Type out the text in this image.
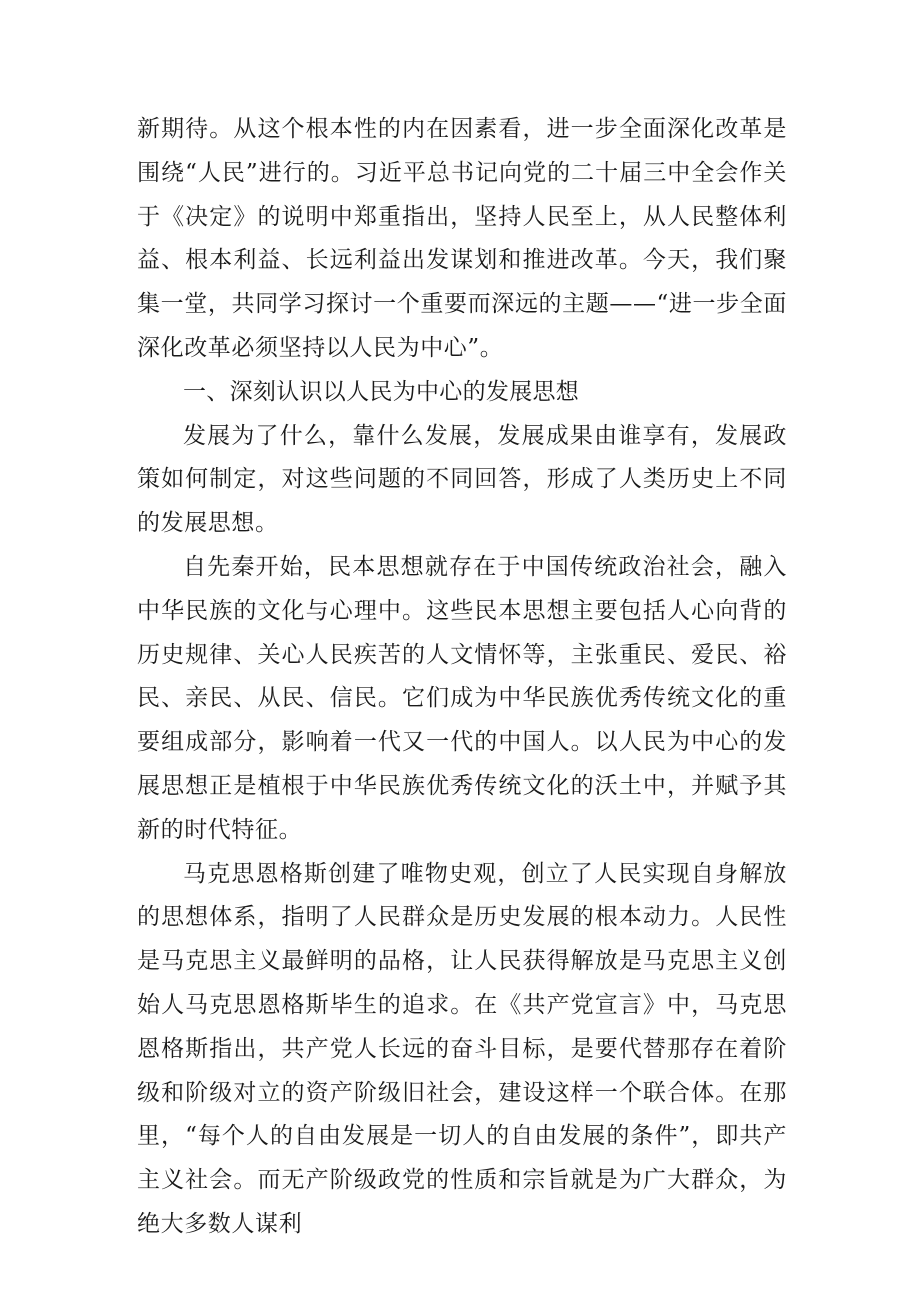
新期待。从这个根本性的内在因素看，进一步全面深化改革是围绕“人民”进行的。习近平总书记向党的二十届三中全会作关于《决定》的说明中郑重指出，坚持人民至上，从人民整体利益、根本利益、长远利益出发谋划和推进改革。今天，我们聚集一堂，共同学习探讨一个重要而深远的主题——“进一步全面深化改革必须坚持以人民为中心”。

一、深刻认识以人民为中心的发展思想

发展为了什么，靠什么发展，发展成果由谁享有，发展政策如何制定，对这些问题的不同回答，形成了人类历史上不同的发展思想。

自先秦开始，民本思想就存在于中国传统政治社会，融入中华民族的文化与心理中。这些民本思想主要包括人心向背的历史规律、关心人民疾苦的人文情怀等，主张重民、爱民、裕民、亲民、从民、信民。它们成为中华民族优秀传统文化的重要组成部分，影响着一代又一代的中国人。以人民为中心的发展思想正是植根于中华民族优秀传统文化的沃土中，并赋予其新的时代特征。

马克思恩格斯创建了唯物史观，创立了人民实现自身解放的思想体系，指明了人民群众是历史发展的根本动力。人民性是马克思主义最鲜明的品格，让人民获得解放是马克思主义创始人马克思恩格斯毕生的追求。在《共产党宣言》中，马克思恩格斯指出，共产党人长远的奋斗目标，是要代替那存在着阶级和阶级对立的资产阶级旧社会，建设这样一个联合体。在那里，“每个人的自由发展是一切人的自由发展的条件”，即共产主义社会。而无产阶级政党的性质和宗旨就是为广大群众，为绝大多数人谋利
